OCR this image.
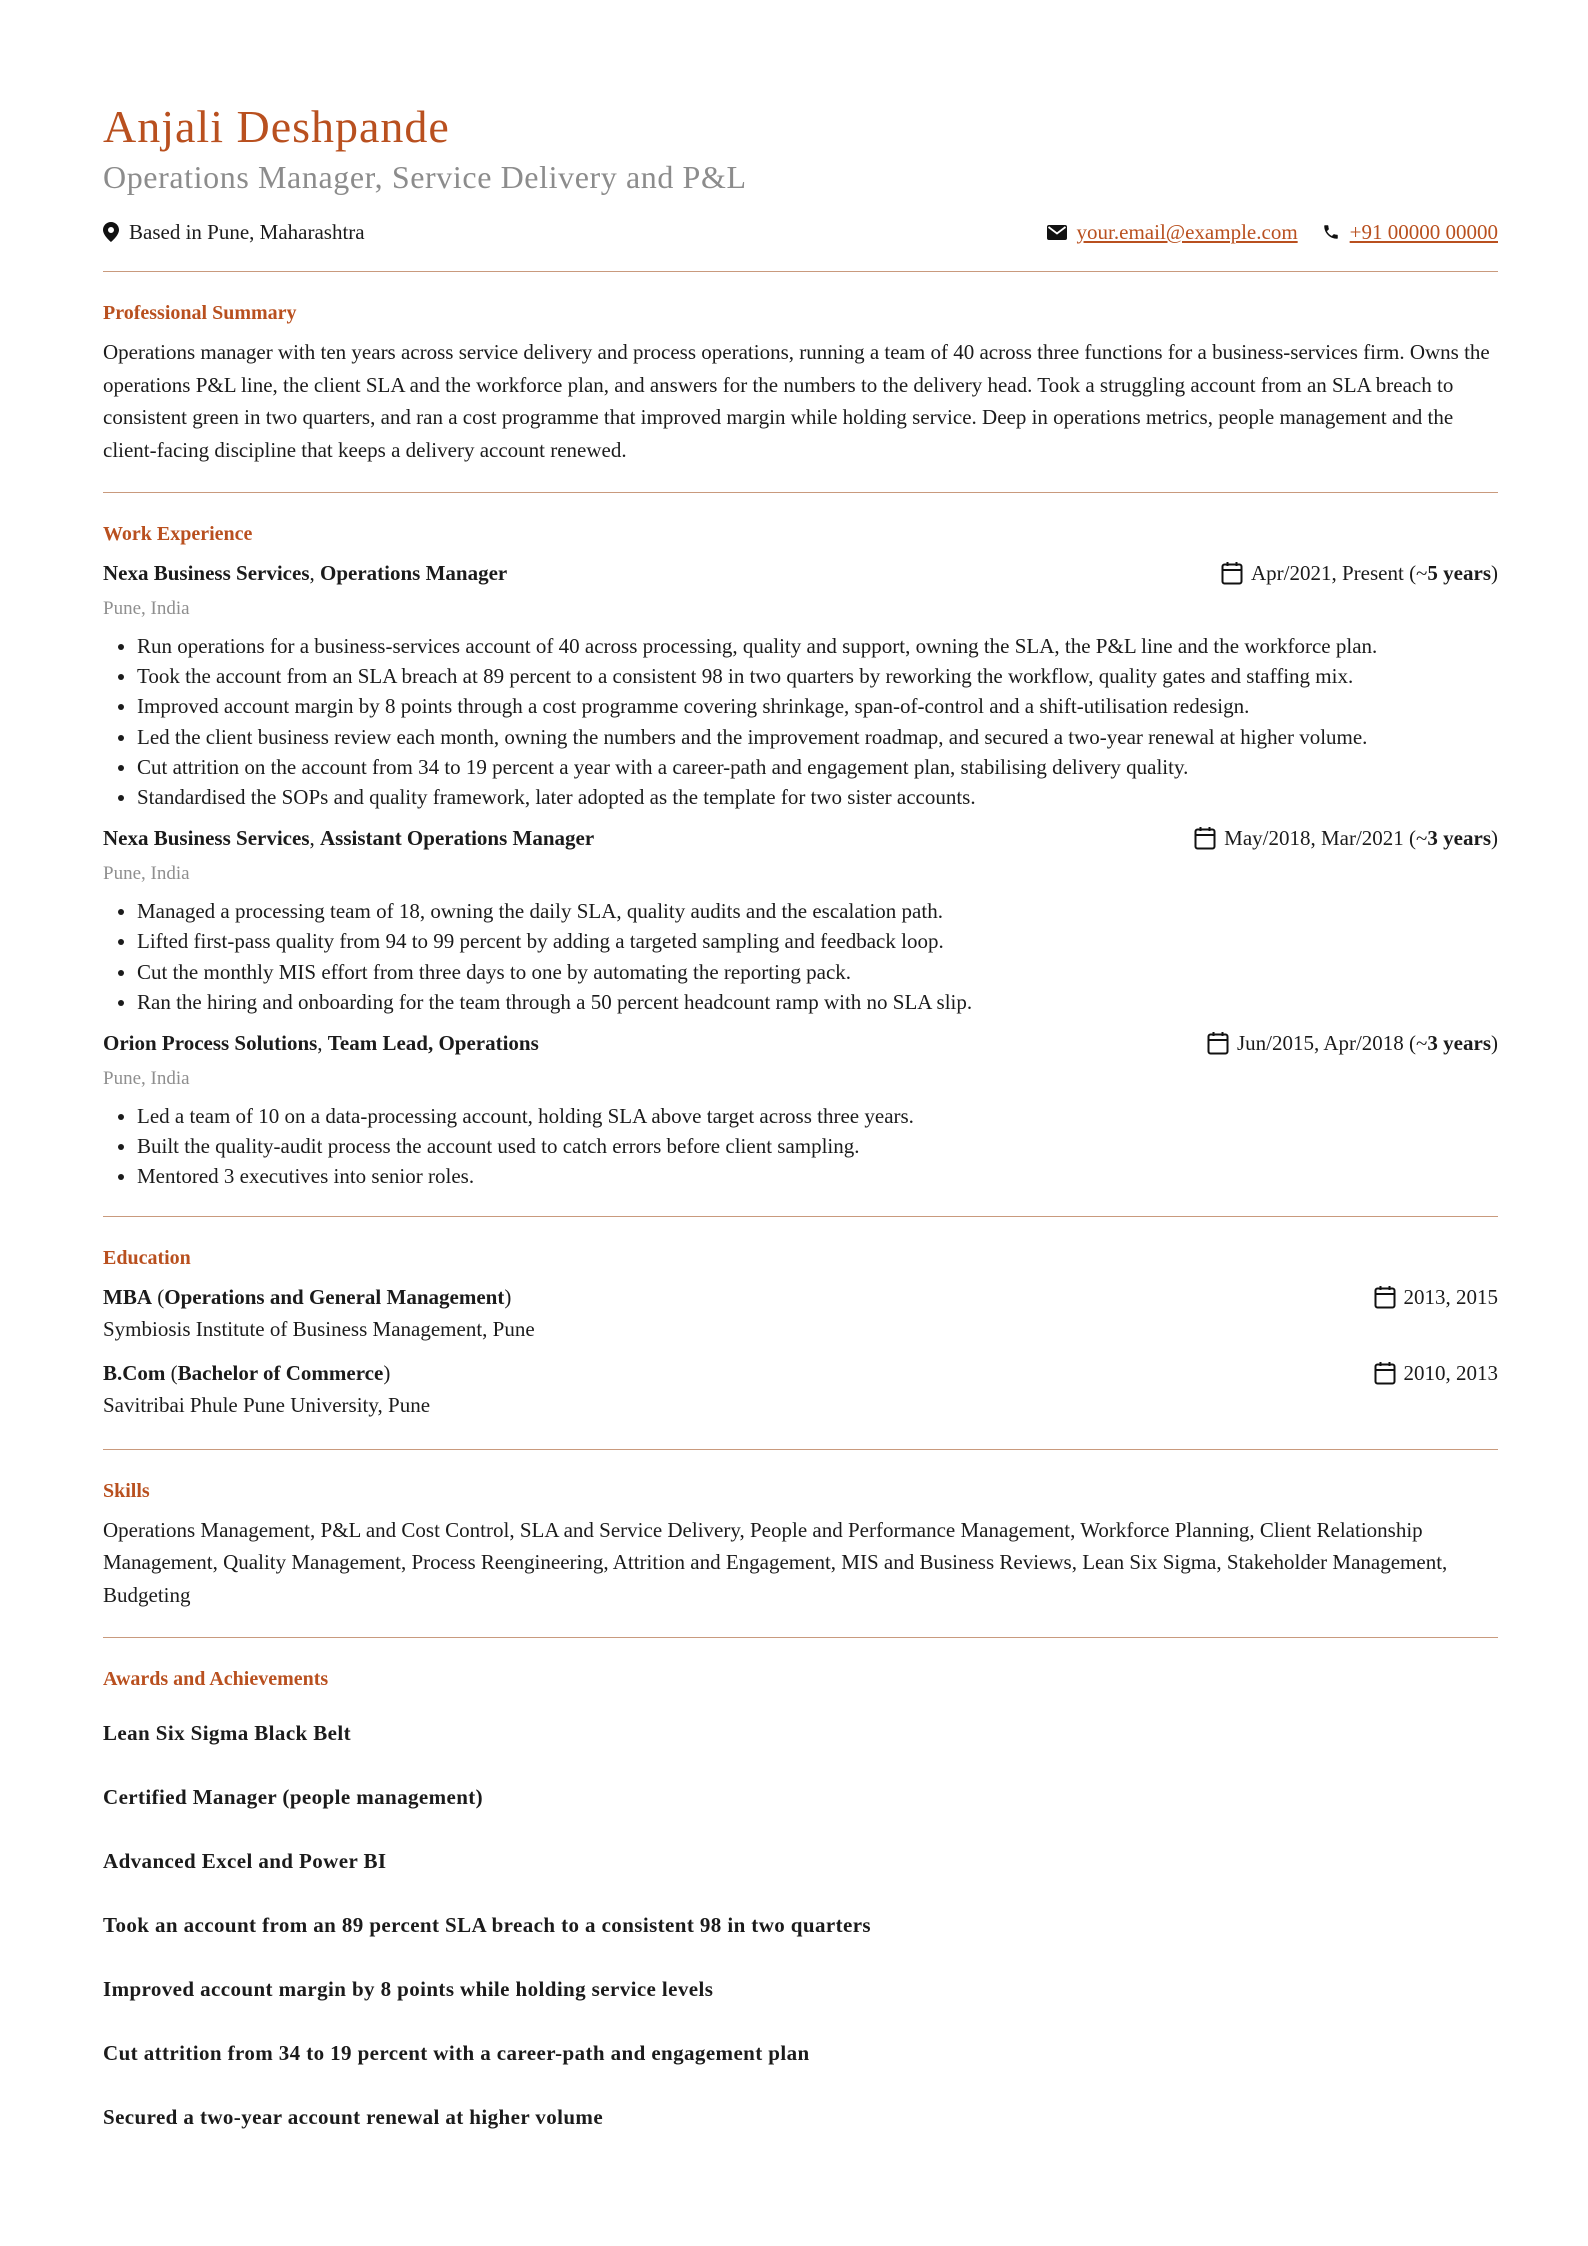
Anjali Deshpande
Operations Manager, Service Delivery and P&L
Based in Pune, Maharashtra	your.email@example.com +91 00000 00000
Professional Summary

Operations manager with ten years across service delivery and process operations, running a team of 40 across three functions for a business-services firm. Owns the operations P&L line, the client SLA and the workforce plan, and answers for the numbers to the delivery head. Took a struggling account from an SLA breach to consistent green in two quarters, and ran a cost programme that improved margin while holding service. Deep in operations metrics, people management and the client-facing discipline that keeps a delivery account renewed.

Work Experience
Nexa Business Services, Operations Manager	Apr/2021, Present (~ 5 years )
Pune, India
• Run operations for a business-services account of 40 across processing, quality and support, owning the SLA, the P&L line and the workforce plan.
• Took the account from an SLA breach at 89 percent to a consistent 98 in two quarters by reworking the workflow, quality gates and staffing mix.
• Improved account margin by 8 points through a cost programme covering shrinkage, span-of-control and a shift-utilisation redesign.
• Led the client business review each month, owning the numbers and the improvement roadmap, and secured a two-year renewal at higher volume.
• Cut attrition on the account from 34 to 19 percent a year with a career-path and engagement plan, stabilising delivery quality.
• Standardised the SOPs and quality framework, later adopted as the template for two sister accounts.
Nexa Business Services, Assistant Operations Manager	May/2018, Mar/2021 (~ 3 years )
Pune, India
• Managed a processing team of 18, owning the daily SLA, quality audits and the escalation path.
• Lifted first-pass quality from 94 to 99 percent by adding a targeted sampling and feedback loop.
• Cut the monthly MIS effort from three days to one by automating the reporting pack.
• Ran the hiring and onboarding for the team through a 50 percent headcount ramp with no SLA slip.
Orion Process Solutions, Team Lead, Operations	Jun/2015, Apr/2018 (~ 3 years )
Pune, India
• Led a team of 10 on a data-processing account, holding SLA above target across three years.
• Built the quality-audit process the account used to catch errors before client sampling.
• Mentored 3 executives into senior roles.
Education
MBA (Operations and General Management)	2013, 2015
Symbiosis Institute of Business Management, Pune
B.Com (Bachelor of Commerce)	2010, 2013
Savitribai Phule Pune University, Pune
Skills

Operations Management, P&L and Cost Control, SLA and Service Delivery, People and Performance Management, Workforce Planning, Client Relationship Management, Quality Management, Process Reengineering, Attrition and Engagement, MIS and Business Reviews, Lean Six Sigma, Stakeholder Management, Budgeting

Awards and Achievements

Lean Six Sigma Black Belt

Certified Manager (people management)

Advanced Excel and Power BI

Took an account from an 89 percent SLA breach to a consistent 98 in two quarters

Improved account margin by 8 points while holding service levels

Cut attrition from 34 to 19 percent with a career-path and engagement plan

Secured a two-year account renewal at higher volume
